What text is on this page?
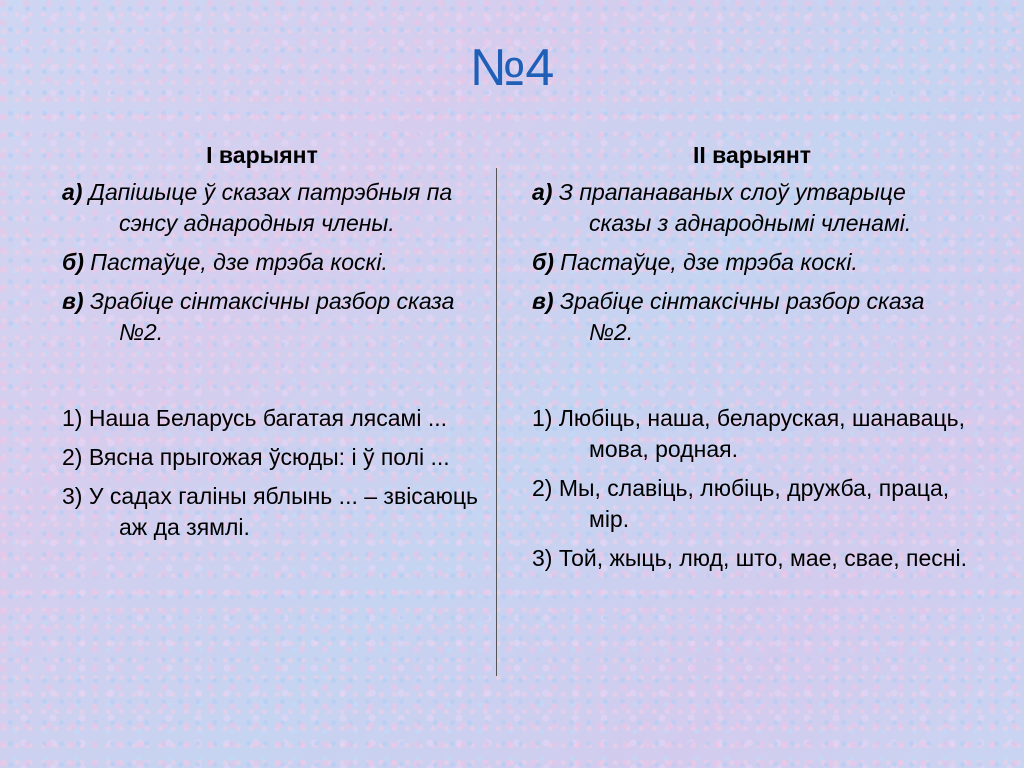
№4
І варыянт
а) Дапішыце ў сказах патрэбныя па сэнсу аднародныя члены.
б) Пастаўце, дзе трэба коскі.
в) Зрабіце сінтаксічны разбор сказа №2.
1) Наша Беларусь багатая лясамі ...
2) Вясна прыгожая ўсюды: і ў полі ...
3) У садах галіны яблынь ... – звісаюць аж да зямлі.
ІІ варыянт
а) З прапанаваных слоў утварыце сказы з аднароднымі членамі.
б) Пастаўце, дзе трэба коскі.
в) Зрабіце сінтаксічны разбор сказа №2.
1) Любіць, наша, беларуская, шанаваць, мова, родная.
2) Мы, славіць, любіць, дружба, праца, мір.
3) Той, жыць, люд, што, мае, свае, песні.
